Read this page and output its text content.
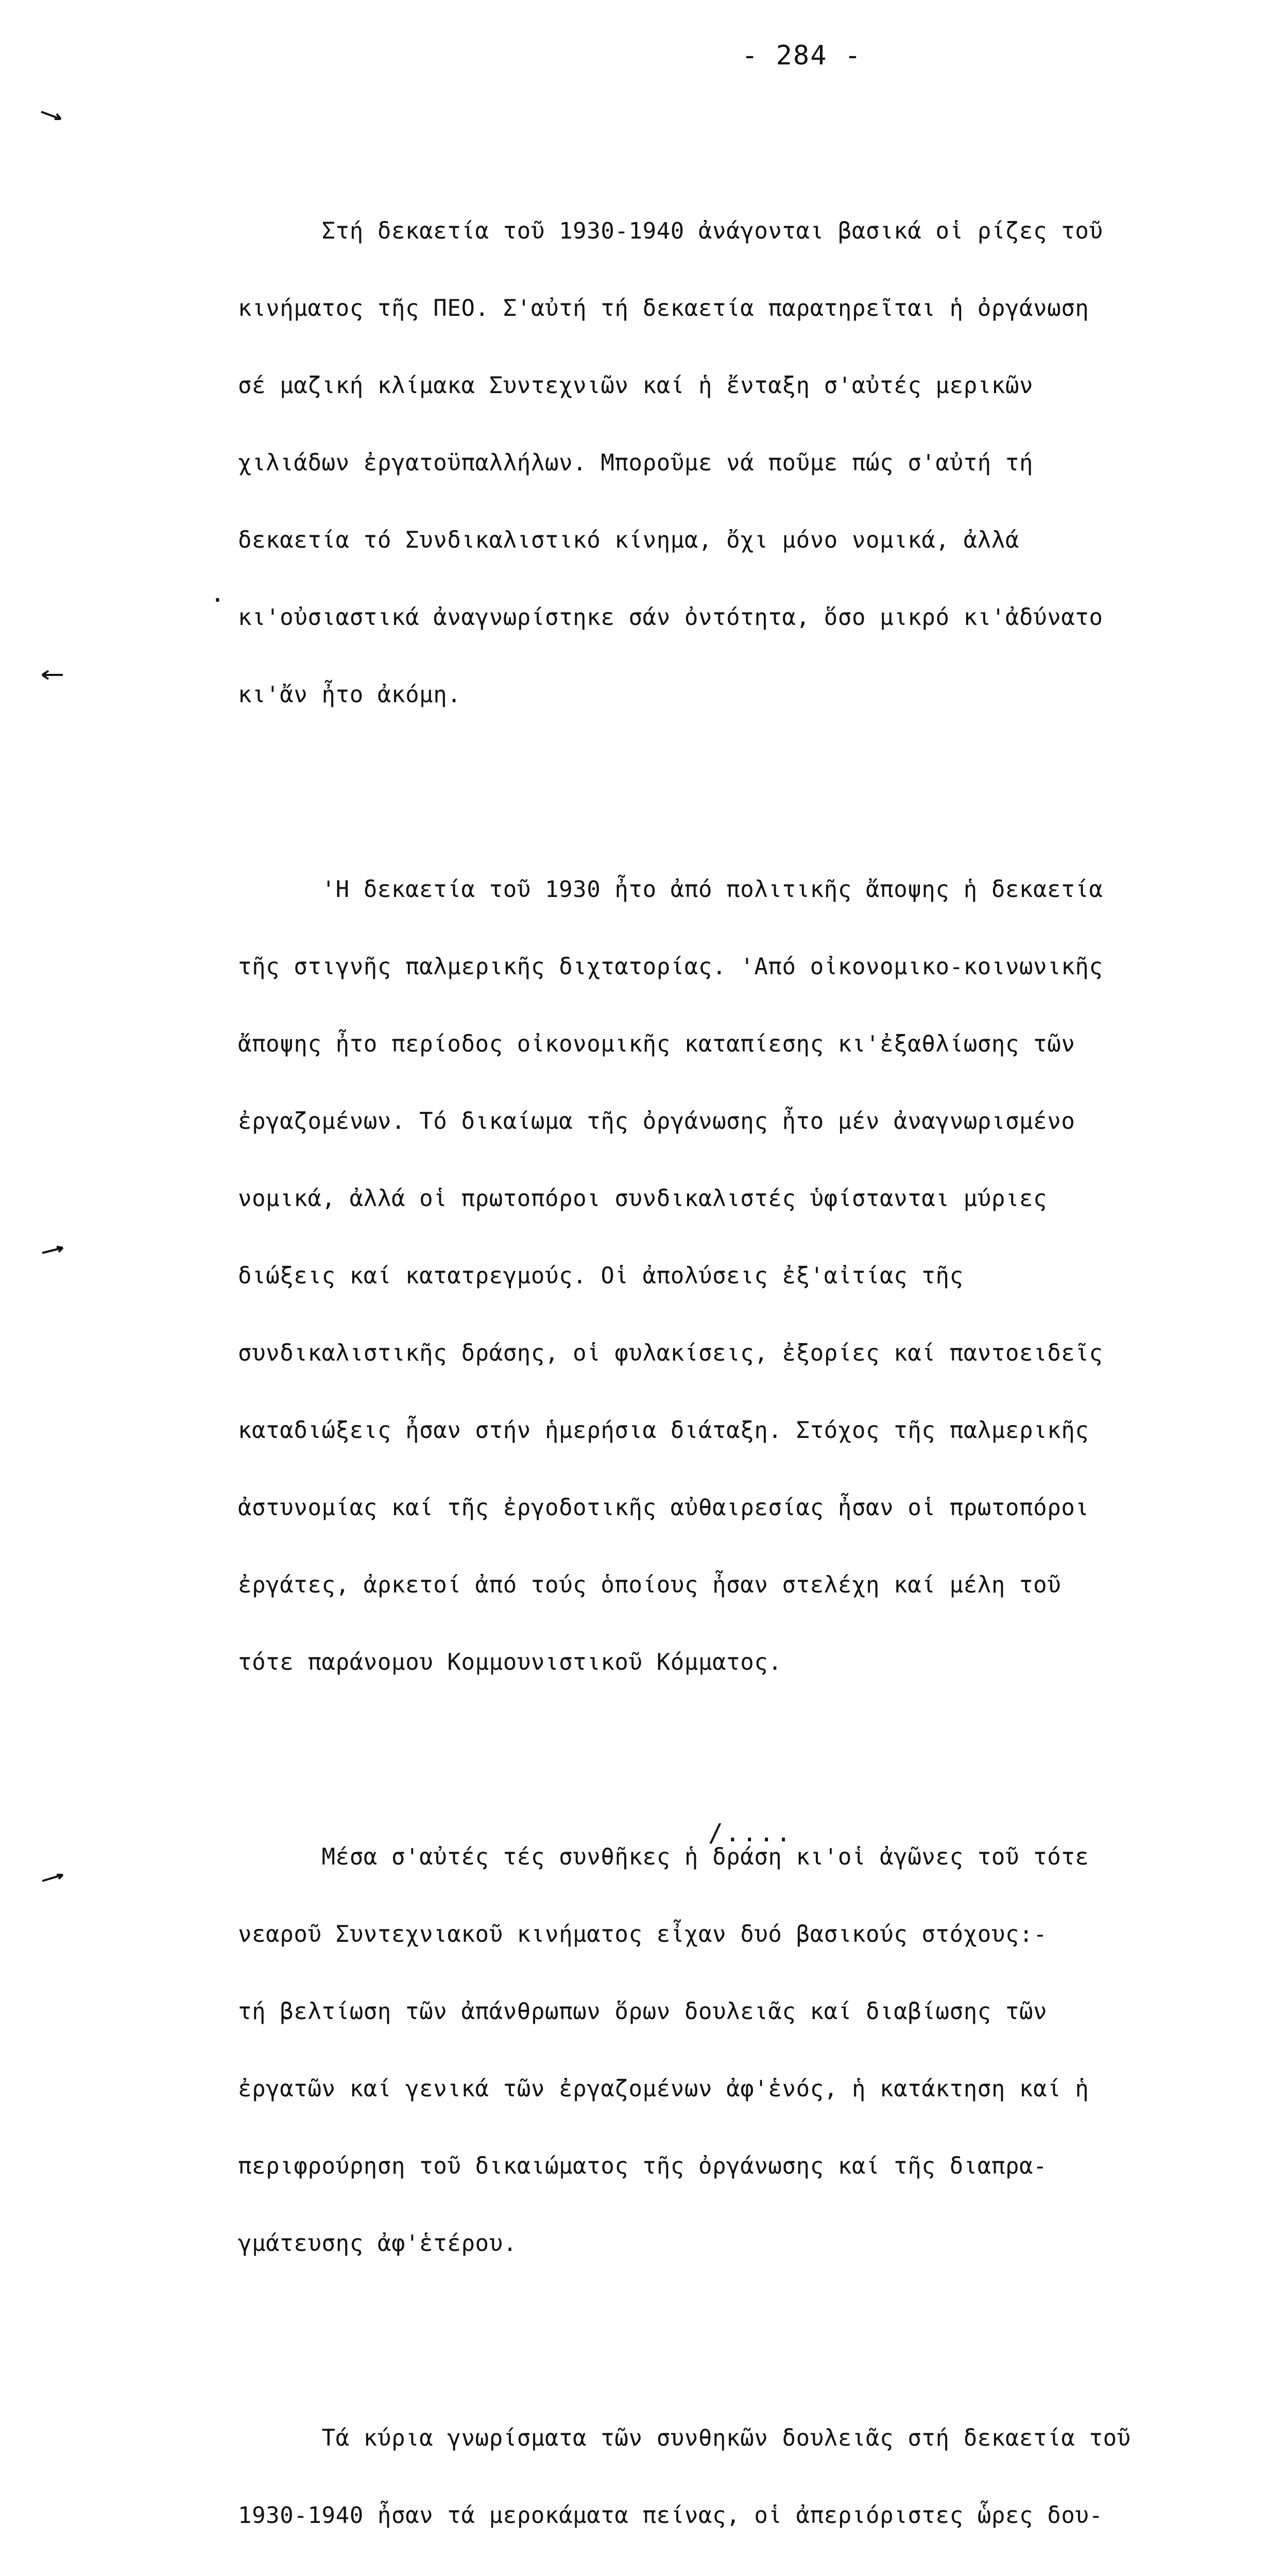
- 284 -
.

Στή δεκαετία τοῦ 1930-1940 ἀνάγονται βασικά οἱ ρίζες τοῦ

κινήματος τῆς ΠΕΟ. Σ'αὐτή τή δεκαετία παρατηρεῖται ἡ ὀργάνωση

σέ μαζική κλίμακα Συντεχνιῶν καί ἡ ἔνταξη σ'αὐτές μερικῶν

χιλιάδων ἐργατοϋπαλλήλων. Μποροῦμε νά ποῦμε πώς σ'αὐτή τή

δεκαετία τό Συνδικαλιστικό κίνημα, ὄχι μόνο νομικά, ἀλλά

κι'οὐσιαστικά ἀναγνωρίστηκε σάν ὀντότητα, ὅσο μικρό κι'ἀδύνατο

κι'ἄν ἦτο ἀκόμη.

'Η δεκαετία τοῦ 1930 ἦτο ἀπό πολιτικῆς ἄποψης ἡ δεκαετία

τῆς στιγνῆς παλμερικῆς διχτατορίας. 'Από οἰκονομικο-κοινωνικῆς

ἄποψης ἦτο περίοδος οἰκονομικῆς καταπίεσης κι'ἐξαθλίωσης τῶν

ἐργαζομένων. Τό δικαίωμα τῆς ὀργάνωσης ἦτο μέν ἀναγνωρισμένο

νομικά, ἀλλά οἱ πρωτοπόροι συνδικαλιστές ὑφίστανται μύριες

διώξεις καί κατατρεγμούς. Οἱ ἀπολύσεις ἐξ'αἰτίας τῆς

συνδικαλιστικῆς δράσης, οἱ φυλακίσεις, ἐξορίες καί παντοειδεῖς

καταδιώξεις ἦσαν στήν ἡμερήσια διάταξη. Στόχος τῆς παλμερικῆς

ἀστυνομίας καί τῆς ἐργοδοτικῆς αὐθαιρεσίας ἦσαν οἱ πρωτοπόροι

ἐργάτες, ἀρκετοί ἀπό τούς ὁποίους ἦσαν στελέχη καί μέλη τοῦ

τότε παράνομου Κομμουνιστικοῦ Κόμματος.

Μέσα σ'αὐτές τές συνθῆκες ἡ δράση κι'οἱ ἀγῶνες τοῦ τότε

νεαροῦ Συντεχνιακοῦ κινήματος εἶχαν δυό βασικούς στόχους:-

τή βελτίωση τῶν ἀπάνθρωπων ὅρων δουλειᾶς καί διαβίωσης τῶν

ἐργατῶν καί γενικά τῶν ἐργαζομένων ἀφ'ἑνός, ἡ κατάκτηση καί ἡ

περιφρούρηση τοῦ δικαιώματος τῆς ὀργάνωσης καί τῆς διαπρα-

γμάτευσης ἀφ'ἑτέρου.

Τά κύρια γνωρίσματα τῶν συνθηκῶν δουλειᾶς στή δεκαετία τοῦ

1930-1940 ἦσαν τά μεροκάματα πείνας, οἱ ἀπεριόριστες ὧρες δου-

/....
